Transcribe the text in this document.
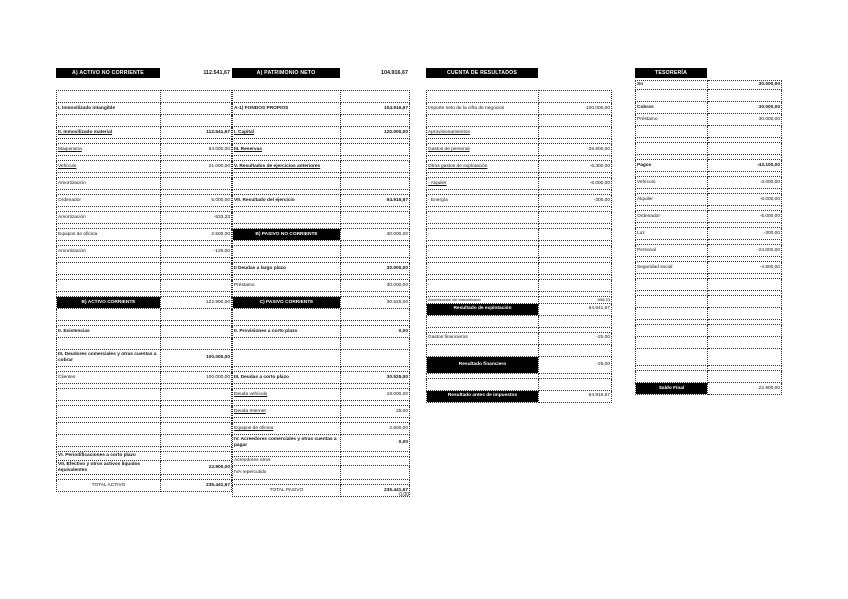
A) ACTIVO NO CORRIENTE	112.541,67	A) PATRIMONIO NETO	104.916,67	CUENTA DE RESULTADOS	TESORERÍA

I. Inmovilizado intangible	

II. Inmovilizado material	112.541,67

Maquinaria	84.000,00

Vehículo	21.000,00

Amortización	

Ordenador	5.000,00

Amortización	-833,33

Equipos de oficina	2.500,00

Amortización	-125,00

B) ACTIVO CORRIENTE	122.900,00

II. Existencias	

III. Deudores comerciales y otras cuentas a cobrar	100.000,00

Clientes	100.000,00

VI. Periodificaciones a corto plazo	
VII. Efectivo y otros activos líquidos equivalentes	22.900,00

TOTAL ACTIVO	235.441,67

A-1) FONDOS PROPIOS	104.916,67

I. Capital	120.000,00

III. Reservas	

V. Resultados de ejercicios anteriores	

VII. Resultado del ejercicio	64.916,67

B) PASIVO NO CORRIENTE	30.000,00

II Deudas a largo plazo	30.000,00

Préstamo	30.000,00

C) PASIVO CORRIENTE	30.525,00

II. Provisiones a corto plazo	0,00

III. Deudas a corto plazo	30.525,00

Deuda vehículo	18.000,00

Deuda Internet	25,00

Equipos de oficina	2.500,00
IV. Acreedores comerciales y otras cuentas a pagar	0,00

Acreedores otros	
IVA repercutido	

TOTAL PASIVO	235.441,67

Importe neto de la cifra de negocios	100.000,00

Aprovisionamientos	

Gastos de personal	-28.800,00

Otros gastos de explotación	-6.300,00

- Alquiler	-6.000,00

- Energía	-300,00

-	

-	

-	

-	

-	

Amortización del inmovilizado	-958,33
Resultado de explotación	64.941,67

Gastos financieros	-25,00

Resultado financiero	-25,00

Resultado antes de impuestos	64.916,67
So	30.000,00

Cobros	30.000,00
Préstamo	30.000,00

Pagos	-43.100,00

Vehículo	-3.000,00

Alquiler	-6.000,00

Ordenador	-5.000,00

Luz	-300,00

Personal	-24.000,00

Seguridad social	-4.800,00

Saldo Final	22.900,00
0,00
